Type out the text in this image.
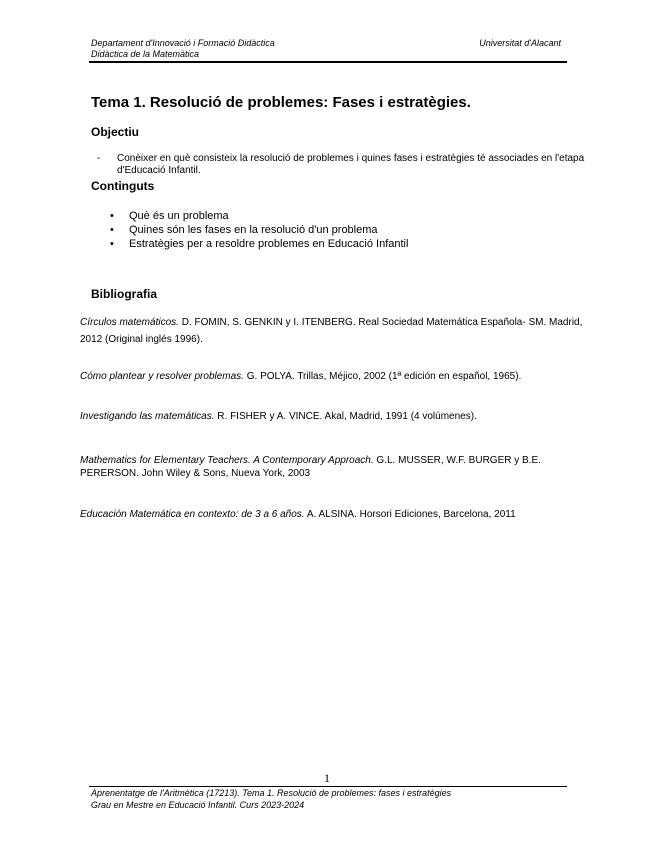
Departament d'Innovació i Formació Didàctica
Didàctica de la Matemàtica
Universitat d'Alacant
Tema 1. Resolució de problemes: Fases i estratègies.
Objectiu
- Conèixer en què consisteix la resolució de problemes i quines fases i estratègies té associades en l'etapa d'Educació Infantil.
Continguts
• Què és un problema
• Quines són les fases en la resolució d'un problema
• Estratègies per a resoldre problemes en Educació Infantil
Bibliografia
Círculos matemáticos. D. FOMIN, S. GENKIN y I. ITENBERG. Real Sociedad Matemática Española- SM. Madrid, 2012 (Original inglés 1996).
Cómo plantear y resolver problemas. G. POLYA. Trillas, Méjico, 2002 (1ª edición en español, 1965).
Investigando las matemáticas. R. FISHER y A. VINCE. Akal, Madrid, 1991 (4 volúmenes).
Mathematics for Elementary Teachers. A Contemporary Approach. G.L. MUSSER, W.F. BURGER y B.E. PERERSON. John Wiley & Sons, Nueva York, 2003
Educación Matemática en contexto: de 3 a 6 años. A. ALSINA. Horsori Ediciones, Barcelona, 2011
1
Aprenentatge de l'Aritmètica (17213). Tema 1. Resolució de problemes: fases i estratègies
Grau en Mestre en Educació Infantil. Curs 2023-2024
